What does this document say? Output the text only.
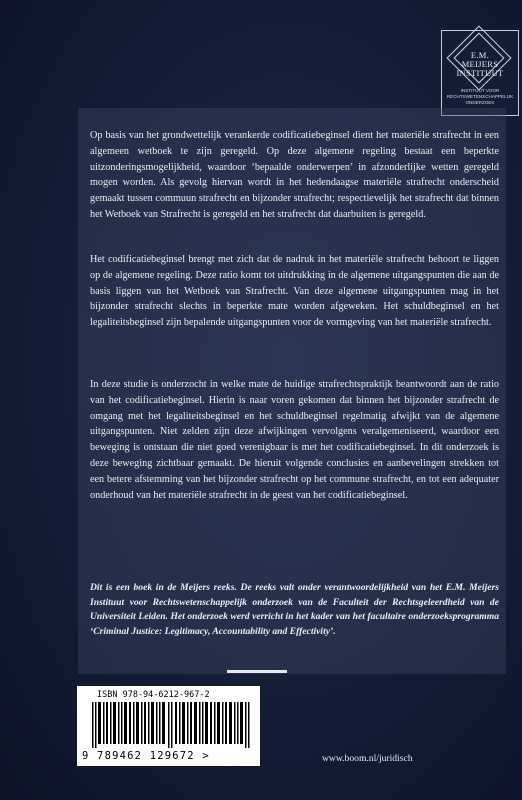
E.M.
MEIJERS
INSTITUUT
INSTITUUT VOOR
RECHTSWETENSCHAPPELIJK
ONDERZOEK

Op basis van het grondwettelijk verankerde codificatiebeginsel dient het materiële strafrecht in een algemeen wetboek te zijn geregeld. Op deze algemene regeling bestaat een beperkte uitzonderingsmogelijkheid, waardoor ‘bepaalde onderwerpen’ in afzonderlijke wetten geregeld mogen worden. Als gevolg hiervan wordt in het hedendaagse materiële strafrecht onderscheid gemaakt tussen commuun strafrecht en bijzonder strafrecht; respectievelijk het strafrecht dat binnen het Wetboek van Strafrecht is geregeld en het strafrecht dat daarbuiten is geregeld.

Het codificatiebeginsel brengt met zich dat de nadruk in het materiële strafrecht behoort te liggen op de algemene regeling. Deze ratio komt tot uitdrukking in de algemene uitgangspunten die aan de basis liggen van het Wetboek van Strafrecht. Van deze algemene uitgangspunten mag in het bijzonder strafrecht slechts in beperkte mate worden afgeweken. Het schuldbeginsel en het legaliteitsbeginsel zijn bepalende uitgangspunten voor de vormgeving van het materiële strafrecht.

In deze studie is onderzocht in welke mate de huidige strafrechtspraktijk beantwoordt aan de ratio van het codificatiebeginsel. Hierin is naar voren gekomen dat binnen het bijzonder strafrecht de omgang met het legaliteitsbeginsel en het schuldbeginsel regelmatig afwijkt van de algemene uitgangspunten. Niet zelden zijn deze afwijkingen vervolgens veralgemeniseerd, waardoor een beweging is ontstaan die niet goed verenigbaar is met het codificatiebeginsel. In dit onderzoek is deze beweging zichtbaar gemaakt. De hieruit volgende conclusies en aanbevelingen strekken tot een betere afstemming van het bijzonder strafrecht op het commune strafrecht, en tot een adequater onderhoud van het materiële strafrecht in de geest van het codificatiebeginsel.

Dit is een boek in de Meijers reeks. De reeks valt onder verantwoordelijkheid van het E.M. Meijers Instituut voor Rechtswetenschappelijk onderzoek van de Faculteit der Rechtsgeleerdheid van de Universiteit Leiden. Het onderzoek werd verricht in het kader van het facultaire onderzoeksprogramma ‘Criminal Justice: Legitimacy, Accountability and Effectivity’.

ISBN 978-94-6212-967-2
9 789462 129672 >	www.boom.nl/juridisch
